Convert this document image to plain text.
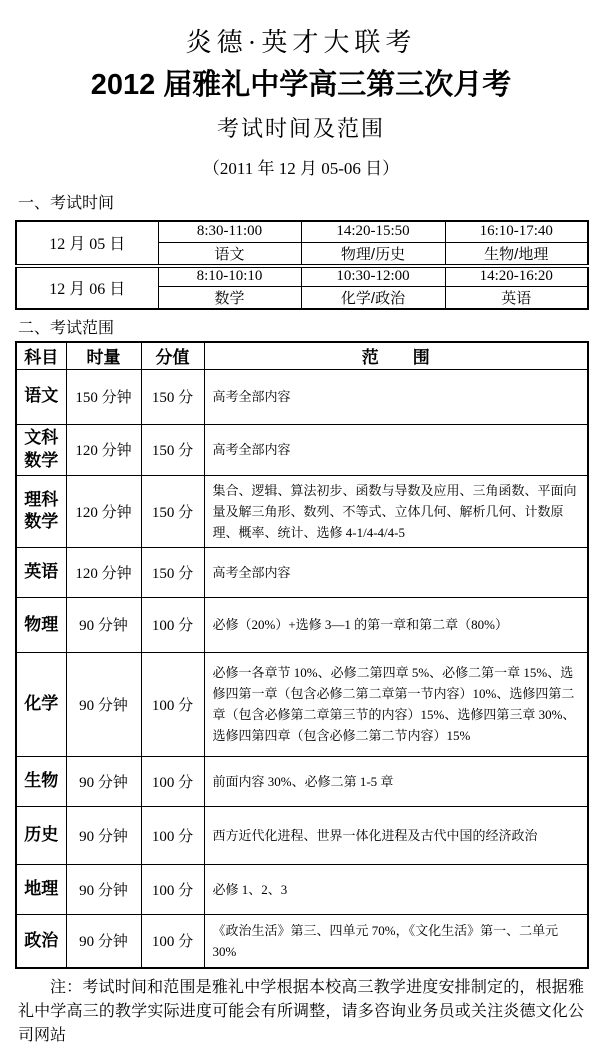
炎德·英才大联考
2012 届雅礼中学高三第三次月考
考试时间及范围
（2011 年 12 月 05-06 日）
一、考试时间
12 月 05 日	8:30-11:00	14:20-15:50	16:10-17:40
	语文	物理/历史	生物/地理
12 月 06 日	8:10-10:10	10:30-12:00	14:20-16:20
	数学	化学/政治	英语
二、考试范围
科目	时量	分值	范　　围
语文	150 分钟	150 分	高考全部内容
文科数学	120 分钟	150 分	高考全部内容
理科数学	120 分钟	150 分	集合、逻辑、算法初步、函数与导数及应用、三角函数、平面向量及解三角形、数列、不等式、立体几何、解析几何、计数原理、概率、统计、选修 4-1/4-4/4-5
英语	120 分钟	150 分	高考全部内容
物理	90 分钟	100 分	必修（20%）+选修 3—1 的第一章和第二章（80%）
化学	90 分钟	100 分	必修一各章节 10%、必修二第四章 5%、必修二第一章 15%、选修四第一章（包含必修二第二章第一节内容）10%、选修四第二章（包含必修第二章第三节的内容）15%、选修四第三章 30%、选修四第四章（包含必修二第二节内容）15%
生物	90 分钟	100 分	前面内容 30%、必修二第 1-5 章
历史	90 分钟	100 分	西方近代化进程、世界一体化进程及古代中国的经济政治
地理	90 分钟	100 分	必修 1、2、3
政治	90 分钟	100 分	《政治生活》第三、四单元 70%，《文化生活》第一、二单元 30%
注：考试时间和范围是雅礼中学根据本校高三教学进度安排制定的，根据雅礼中学高三的教学实际进度可能会有所调整，请多咨询业务员或关注炎德文化公司网站
